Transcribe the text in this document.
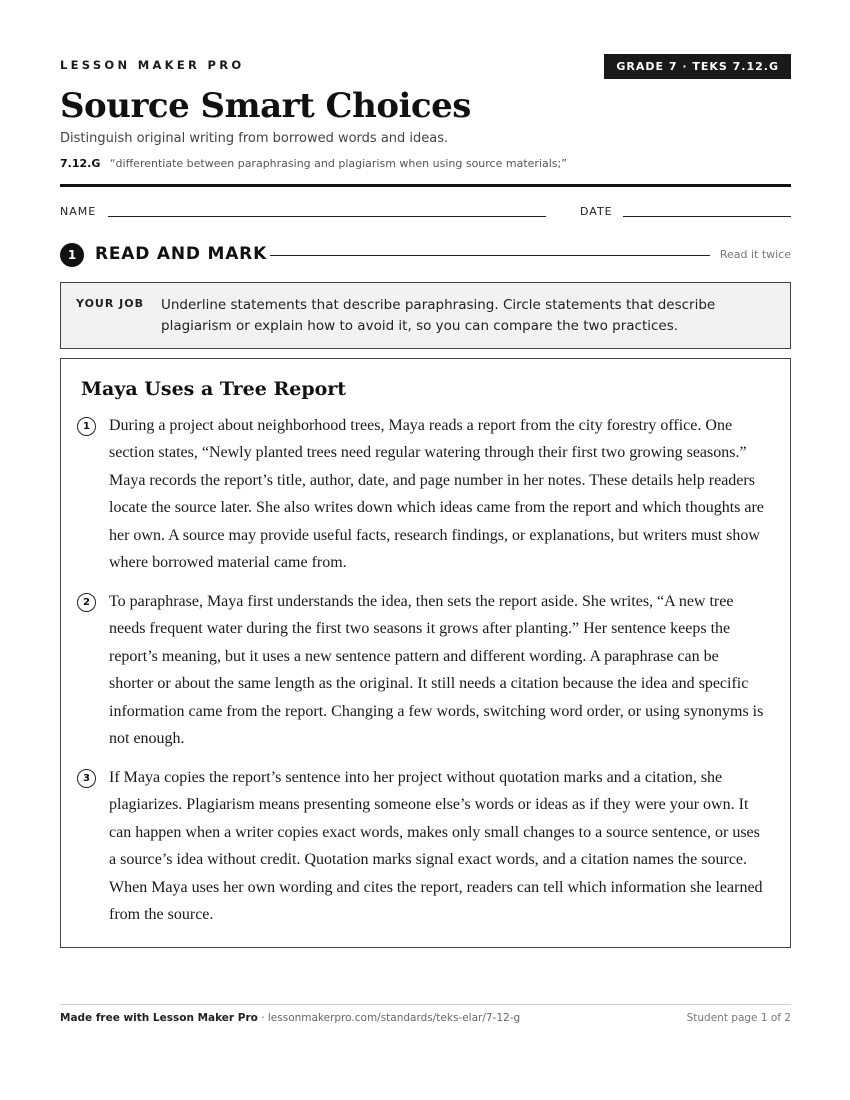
LESSON MAKER PRO	GRADE 7 · TEKS 7.12.G
Source Smart Choices
Distinguish original writing from borrowed words and ideas.
7.12.G “differentiate between paraphrasing and plagiarism when using source materials;”
NAME	DATE
1	READ AND MARK	Read it twice
YOUR JOB Underline statements that describe paraphrasing. Circle statements that describe plagiarism or explain how to avoid it, so you can compare the two practices.
Maya Uses a Tree Report
1	During a project about neighborhood trees, Maya reads a report from the city forestry office. One section states, “Newly planted trees need regular watering through their first two growing seasons.” Maya records the report’s title, author, date, and page number in her notes. These details help readers locate the source later. She also writes down which ideas came from the report and which thoughts are her own. A source may provide useful facts, research findings, or explanations, but writers must show where borrowed material came from.

2	To paraphrase, Maya first understands the idea, then sets the report aside. She writes, “A new tree needs frequent water during the first two seasons it grows after planting.” Her sentence keeps the report’s meaning, but it uses a new sentence pattern and different wording. A paraphrase can be shorter or about the same length as the original. It still needs a citation because the idea and specific information came from the report. Changing a few words, switching word order, or using synonyms is not enough.

3	If Maya copies the report’s sentence into her project without quotation marks and a citation, she plagiarizes. Plagiarism means presenting someone else’s words or ideas as if they were your own. It can happen when a writer copies exact words, makes only small changes to a source sentence, or uses a source’s idea without credit. Quotation marks signal exact words, and a citation names the source. When Maya uses her own wording and cites the report, readers can tell which information she learned from the source.

Made free with Lesson Maker Pro · lessonmakerpro.com/standards/teks-elar/7-12-g	Student page 1 of 2
